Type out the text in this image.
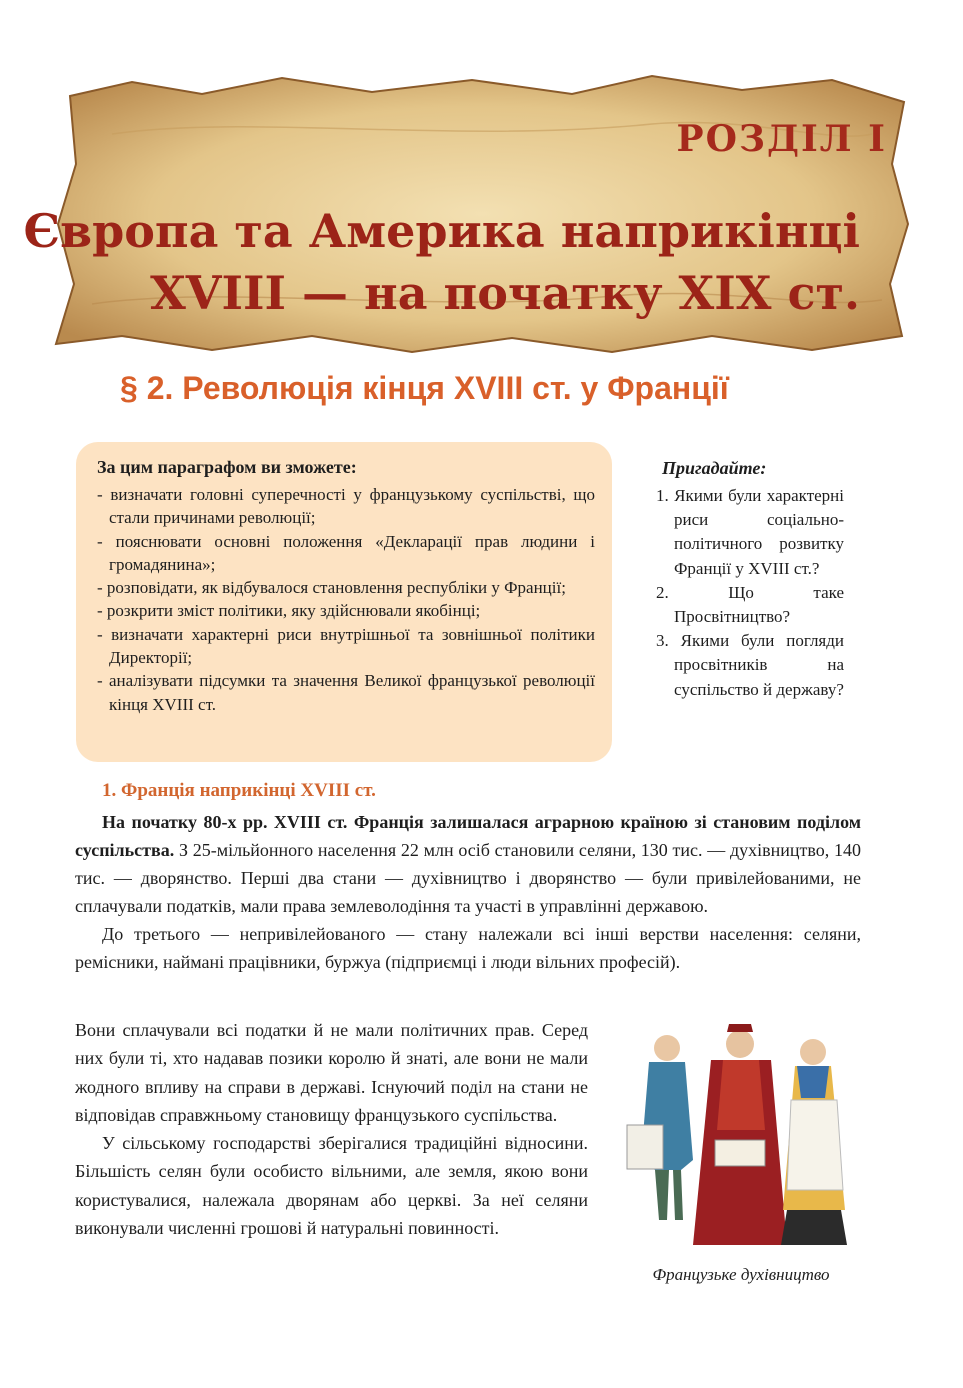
РОЗДІЛ І
Європа та Америка наприкінці
XVIII — на початку XIX ст.
§ 2. Революція кінця XVIII ст. у Франції
За цим параграфом ви зможете:
- визначати головні суперечності у французькому суспільстві, що стали причинами революції;
- пояснювати основні положення «Декларації прав людини і громадянина»;
- розповідати, як відбувалося становлення республіки у Франції;
- розкрити зміст політики, яку здійснювали якобінці;
- визначати характерні риси внутрішньої та зовнішньої політики Директорії;
- аналізувати підсумки та значення Великої французької революції кінця XVIII ст.
Пригадайте:
1. Якими були характерні риси соціально-політичного розвитку Франції у XVIII ст.?
2. Що таке Просвітництво?
3. Якими були погляди просвітників на суспільство й державу?
1. Франція наприкінці XVIII ст.

На початку 80-х рр. XVIII ст. Франція залишалася аграрною країною зі становим поділом суспільства. З 25-мільйонного населення 22 млн осіб становили селяни, 130 тис. — духівництво, 140 тис. — дворянство. Перші два стани — духівництво і дворянство — були привілейованими, не сплачували податків, мали права землеволодіння та участі в управлінні державою.

До третього — непривілейованого — стану належали всі інші верстви населення: селяни, ремісники, наймані працівники, буржуа (підприємці і люди вільних професій).

Вони сплачували всі податки й не мали політичних прав. Серед них були ті, хто надавав позики королю й знаті, але вони не мали жодного впливу на справи в державі. Існуючий поділ на стани не відповідав справжньому становищу французького суспільства.

У сільському господарстві зберігалися традиційні відносини. Більшість селян були особисто вільними, але земля, якою вони користувалися, належала дворянам або церкві. За неї селяни виконували численні грошові й натуральні повинності.

Французьке духівництво
